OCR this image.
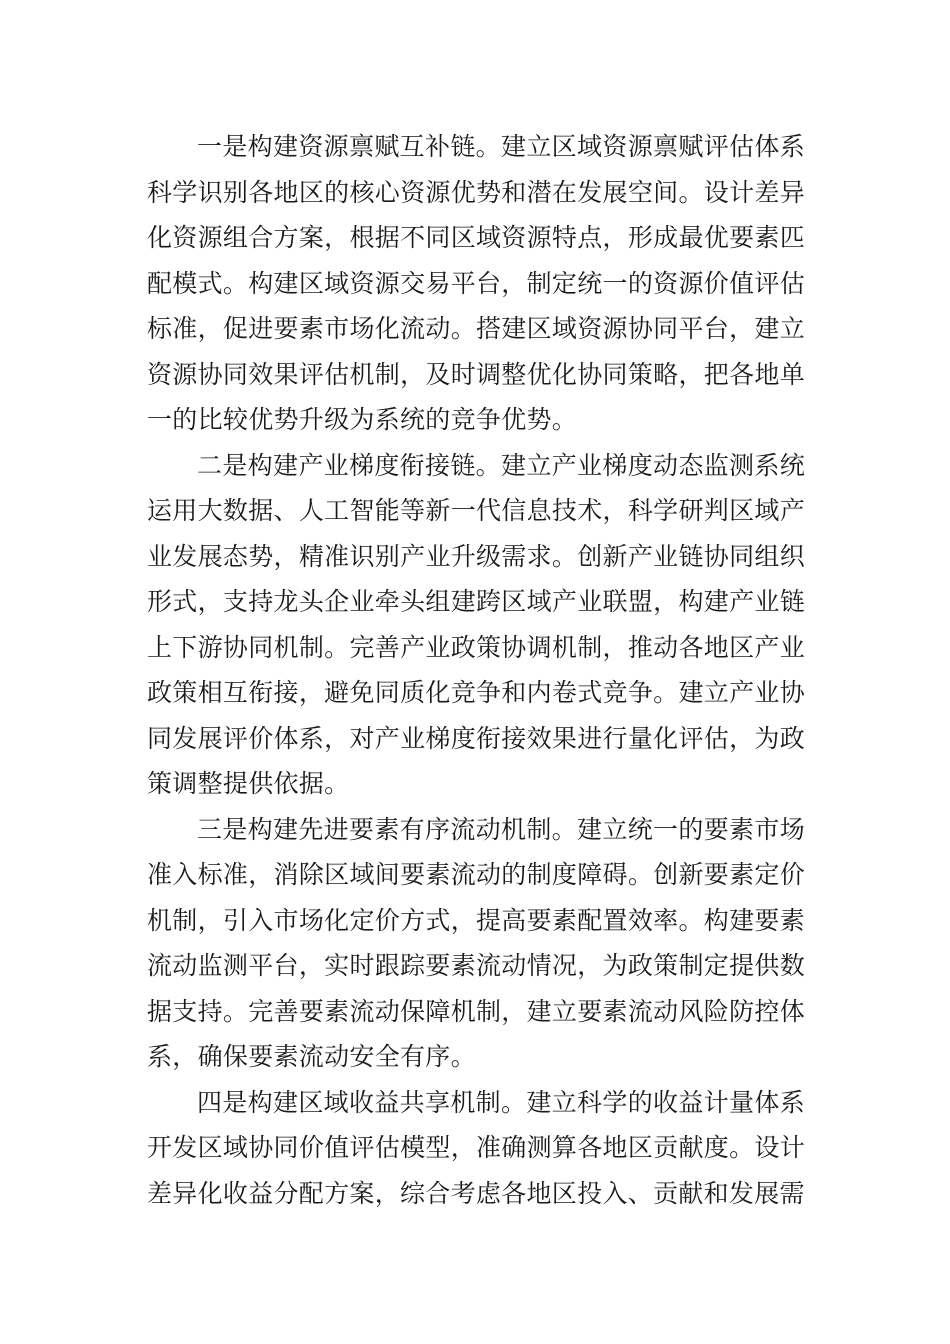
一是构建资源禀赋互补链。建立区域资源禀赋评估体系科学识别各地区的核心资源优势和潜在发展空间。设计差异化资源组合方案，根据不同区域资源特点，形成最优要素匹配模式。构建区域资源交易平台，制定统一的资源价值评估标准，促进要素市场化流动。搭建区域资源协同平台，建立资源协同效果评估机制，及时调整优化协同策略，把各地单一的比较优势升级为系统的竞争优势。

二是构建产业梯度衔接链。建立产业梯度动态监测系统运用大数据、人工智能等新一代信息技术，科学研判区域产业发展态势，精准识别产业升级需求。创新产业链协同组织形式，支持龙头企业牵头组建跨区域产业联盟，构建产业链上下游协同机制。完善产业政策协调机制，推动各地区产业政策相互衔接，避免同质化竞争和内卷式竞争。建立产业协同发展评价体系，对产业梯度衔接效果进行量化评估，为政策调整提供依据。

三是构建先进要素有序流动机制。建立统一的要素市场准入标准，消除区域间要素流动的制度障碍。创新要素定价机制，引入市场化定价方式，提高要素配置效率。构建要素流动监测平台，实时跟踪要素流动情况，为政策制定提供数据支持。完善要素流动保障机制，建立要素流动风险防控体系，确保要素流动安全有序。

四是构建区域收益共享机制。建立科学的收益计量体系开发区域协同价值评估模型，准确测算各地区贡献度。设计差异化收益分配方案，综合考虑各地区投入、贡献和发展需
